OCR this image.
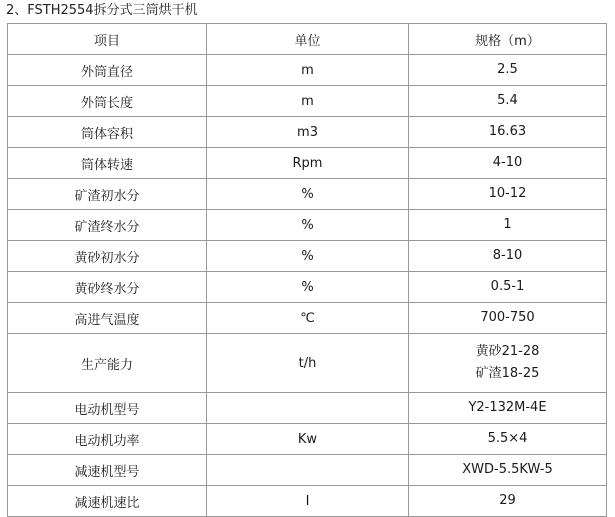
2、FSTH2554拆分式三筒烘干机
项目	单位	规格（m）
外筒直径	m	2.5

外筒长度	m	5.4

筒体容积	m3	16.63

筒体转速	Rpm	4-10

矿渣初水分	%	10-12

矿渣终水分	%	1

黄砂初水分	%	8-10

黄砂终水分	%	0.5-1

高进气温度	℃	700-750

生产能力	t/h	黄砂21-28
矿渣18-25

电动机型号		Y2-132M-4E

电动机功率	Kw	5.5×4

减速机型号		XWD-5.5KW-5

减速机速比	I	29
